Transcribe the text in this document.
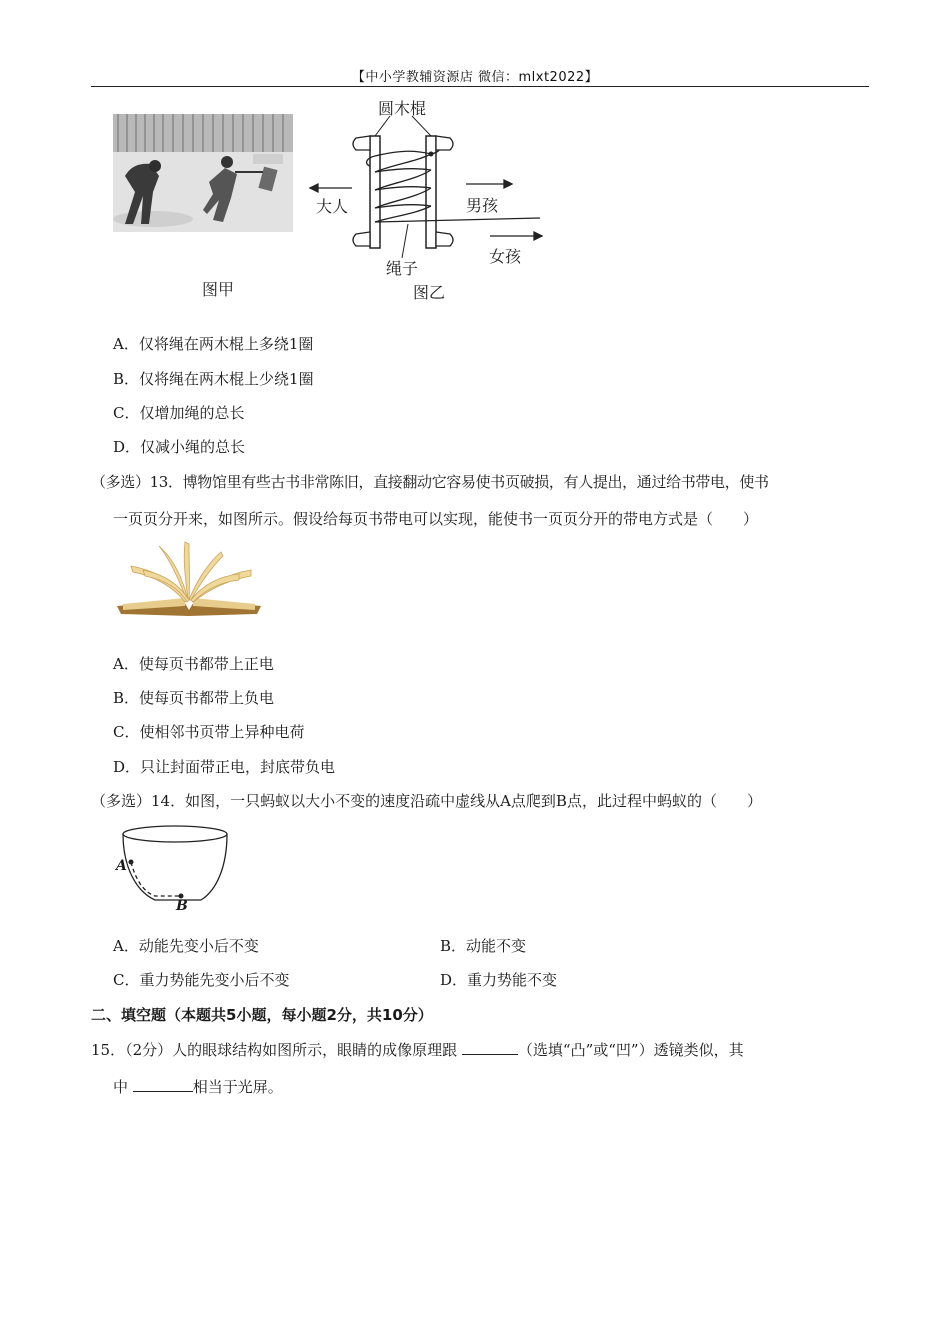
【中小学教辅资源店 微信：mlxt2022】
图甲
圆木棍
大人	男孩
女孩
绳子
图乙
A．仅将绳在两木棍上多绕1圈
B．仅将绳在两木棍上少绕1圈
C．仅增加绳的总长
D．仅减小绳的总长
（多选）13．博物馆里有些古书非常陈旧，直接翻动它容易使书页破损，有人提出，通过给书带电，使书
一页页分开来，如图所示。假设给每页书带电可以实现，能使书一页页分开的带电方式是（　　）
A．使每页书都带上正电
B．使每页书都带上负电
C．使相邻书页带上异种电荷
D．只让封面带正电，封底带负电
（多选）14．如图，一只蚂蚁以大小不变的速度沿疏中虚线从A点爬到B点，此过程中蚂蚁的（　　）
A
B
A．动能先变小后不变	B．动能不变
C．重力势能先变小后不变	D．重力势能不变
二、填空题（本题共5小题，每小题2分，共10分）
15．（2分）人的眼球结构如图所示，眼睛的成像原理跟	（选填“凸”或“凹”）透镜类似，其
中	相当于光屏。
